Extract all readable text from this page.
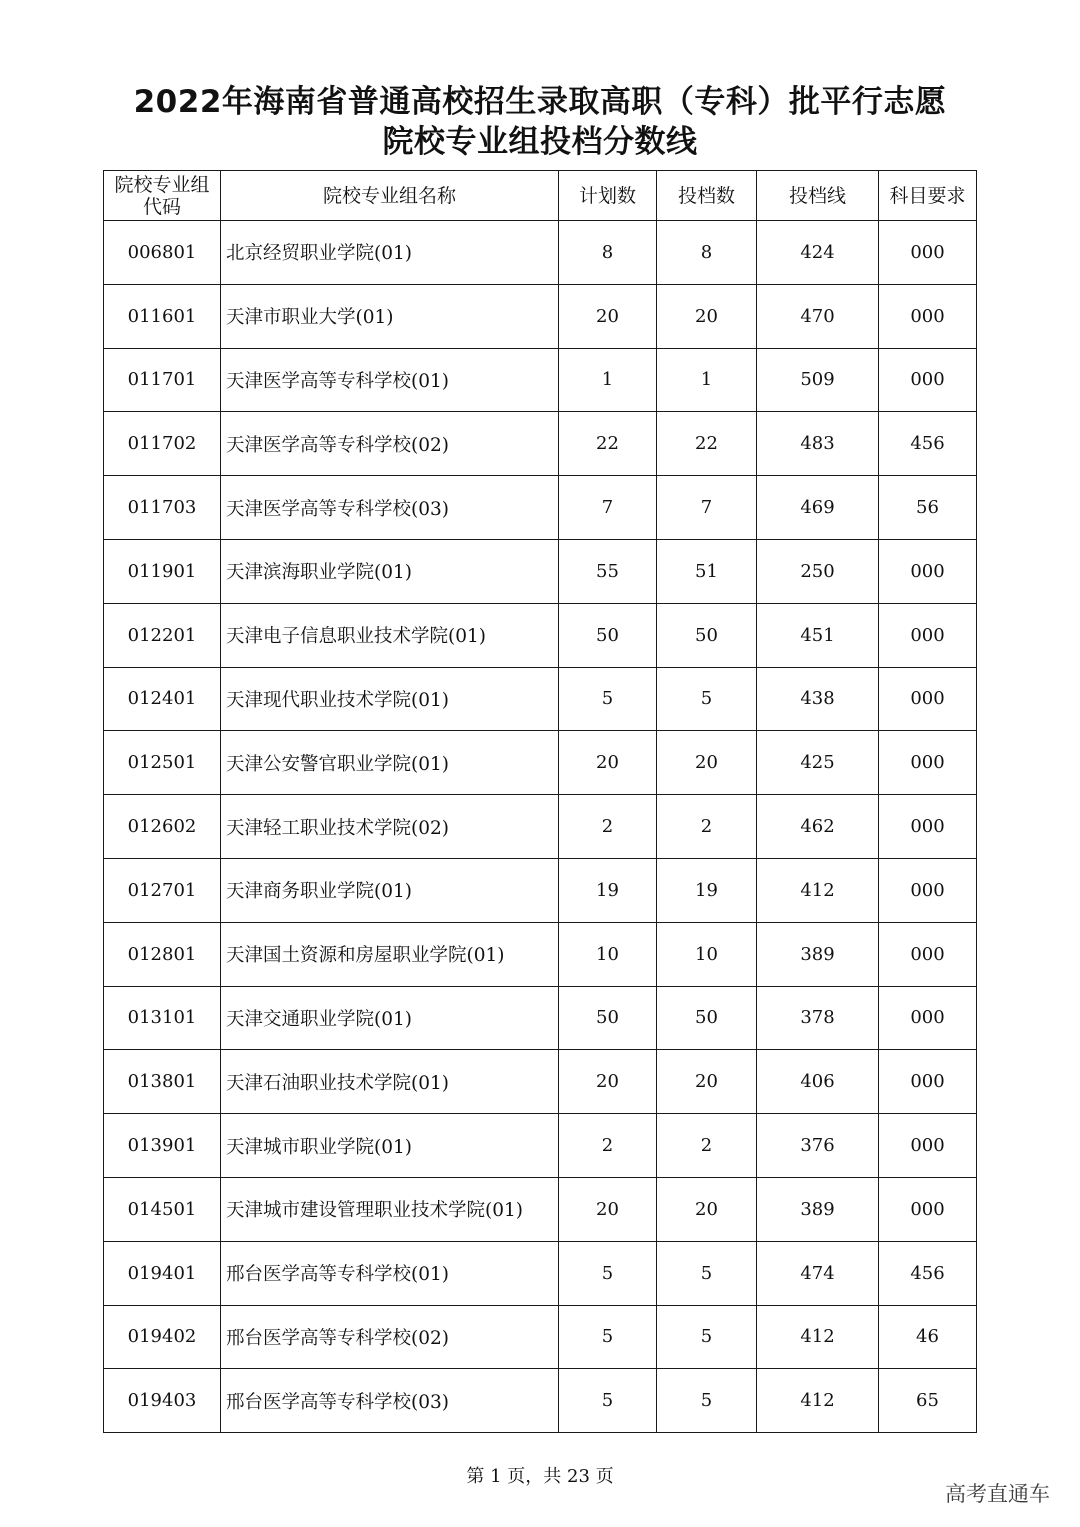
2022年海南省普通高校招生录取高职（专科）批平行志愿
院校专业组投档分数线
院校专业组
代码	院校专业组名称	计划数	投档数	投档线	科目要求
006801	北京经贸职业学院(01)	8	8	424	000
011601	天津市职业大学(01)	20	20	470	000
011701	天津医学高等专科学校(01)	1	1	509	000
011702	天津医学高等专科学校(02)	22	22	483	456
011703	天津医学高等专科学校(03)	7	7	469	56
011901	天津滨海职业学院(01)	55	51	250	000
012201	天津电子信息职业技术学院(01)	50	50	451	000
012401	天津现代职业技术学院(01)	5	5	438	000
012501	天津公安警官职业学院(01)	20	20	425	000
012602	天津轻工职业技术学院(02)	2	2	462	000
012701	天津商务职业学院(01)	19	19	412	000
012801	天津国土资源和房屋职业学院(01)	10	10	389	000
013101	天津交通职业学院(01)	50	50	378	000
013801	天津石油职业技术学院(01)	20	20	406	000
013901	天津城市职业学院(01)	2	2	376	000
014501	天津城市建设管理职业技术学院(01)	20	20	389	000
019401	邢台医学高等专科学校(01)	5	5	474	456
019402	邢台医学高等专科学校(02)	5	5	412	46
019403	邢台医学高等专科学校(03)	5	5	412	65
第 1 页，共 23 页
高考直通车
